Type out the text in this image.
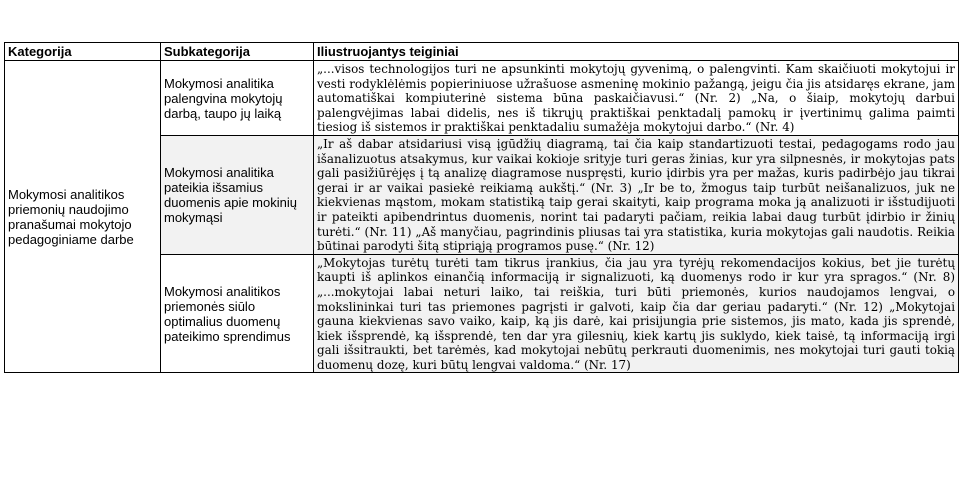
Kategorija	Subkategorija	Iliustruojantys teiginiai
Mokymosi analitikos priemonių naudojimo pranašumai mokytojo pedagoginiame darbe	Mokymosi analitika palengvina mokytojų darbą, taupo jų laiką	„...visos technologijos turi ne apsunkinti mokytojų gyvenimą, o palengvinti. Kam skaičiuoti mokytojui ir vesti rodyklėlėmis popieriniuose užrašuose asmeninę mokinio pažangą, jeigu čia jis atsidaręs ekrane, jam automatiškai kompiuterinė sistema būna paskaičiavusi.“ (Nr. 2) „Na, o šiaip, mokytojų darbui palengvėjimas labai didelis, nes iš tikrųjų praktiškai penktadalį pamokų ir įvertinimų galima paimti tiesiog iš sistemos ir praktiškai penktadaliu sumažėja mokytojui darbo.“ (Nr. 4)
	Mokymosi analitika pateikia išsamius duomenis apie mokinių mokymąsi	„Ir aš dabar atsidariusi visą įgūdžių diagramą, tai čia kaip standartizuoti testai, pedagogams rodo jau išanalizuotus atsakymus, kur vaikai kokioje srityje turi geras žinias, kur yra silpnesnės, ir mokytojas pats gali pasižiūrėjęs į tą analizę diagramose nuspręsti, kurio įdirbis yra per mažas, kuris padirbėjo jau tikrai gerai ir ar vaikai pasiekė reikiamą aukštį.“ (Nr. 3) „Ir be to, žmogus taip turbūt neišanalizuos, juk ne kiekvienas mąstom, mokam statistiką taip gerai skaityti, kaip programa moka ją analizuoti ir išstudijuoti ir pateikti apibendrintus duomenis, norint tai padaryti pačiam, reikia labai daug turbūt įdirbio ir žinių turėti.“ (Nr. 11) „Aš manyčiau, pagrindinis pliusas tai yra statistika, kuria mokytojas gali naudotis. Reikia būtinai parodyti šitą stipriąją programos pusę.“ (Nr. 12)
	Mokymosi analitikos priemonės siūlo optimalius duomenų pateikimo sprendimus	„Mokytojas turėtų turėti tam tikrus įrankius, čia jau yra tyrėjų rekomendacijos kokius, bet jie turėtų kaupti iš aplinkos einančią informaciją ir signalizuoti, ką duomenys rodo ir kur yra spragos.“ (Nr. 8) „...mokytojai labai neturi laiko, tai reiškia, turi būti priemonės, kurios naudojamos lengvai, o mokslininkai turi tas priemones pagrįsti ir galvoti, kaip čia dar geriau padaryti.“ (Nr. 12) „Mokytojai gauna kiekvienas savo vaiko, kaip, ką jis darė, kai prisijungia prie sistemos, jis mato, kada jis sprendė, kiek išsprendė, ką išsprendė, ten dar yra gilesnių, kiek kartų jis suklydo, kiek taisė, tą informaciją irgi gali išsitraukti, bet tarėmės, kad mokytojai nebūtų perkrauti duomenimis, nes mokytojai turi gauti tokią duomenų dozę, kuri būtų lengvai valdoma.“ (Nr. 17)
